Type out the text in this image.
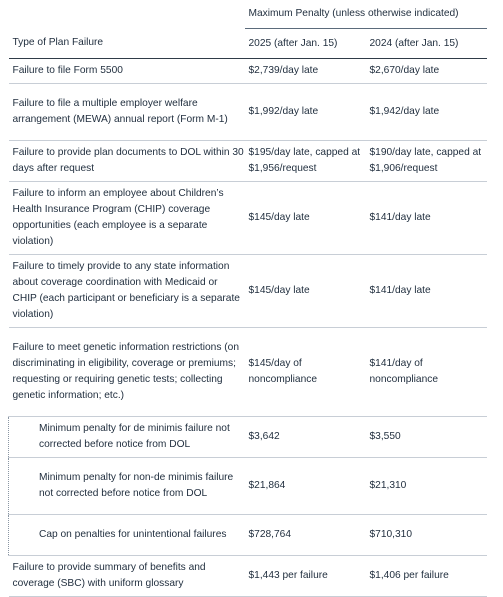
	Maximum Penalty (unless otherwise indicated)	
Type of Plan Failure	2025 (after Jan. 15)	2024 (after Jan. 15)
Failure to file Form 5500	$2,739/day late	$2,670/day late
Failure to file a multiple employer welfare arrangement (MEWA) annual report (Form M-1)	$1,992/day late	$1,942/day late
Failure to provide plan documents to DOL within 30 days after request	$195/day late, capped at $1,956/request	$190/day late, capped at $1,906/request
Failure to inform an employee about Children’s Health Insurance Program (CHIP) coverage opportunities (each employee is a separate violation)	$145/day late	$141/day late
Failure to timely provide to any state information about coverage coordination with Medicaid or CHIP (each participant or beneficiary is a separate violation)	$145/day late	$141/day late
Failure to meet genetic information restrictions (on discriminating in eligibility, coverage or premiums; requesting or requiring genetic tests; collecting genetic information; etc.)	$145/day of noncompliance	$141/day of noncompliance
Minimum penalty for de minimis failure not corrected before notice from DOL	$3,642	$3,550
Minimum penalty for non-de minimis failure not corrected before notice from DOL	$21,864	$21,310
Cap on penalties for unintentional failures	$728,764	$710,310
Failure to provide summary of benefits and coverage (SBC) with uniform glossary	$1,443 per failure	$1,406 per failure
